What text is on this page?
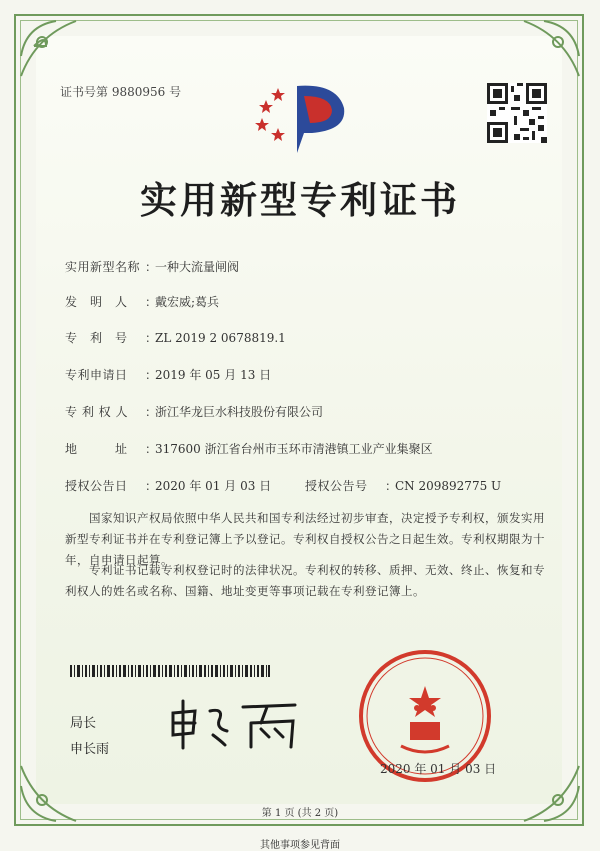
证书号第 9880956 号
实用新型专利证书
实用新型名称 ：一种大流量闸阀
发　明　人 ：戴宏威;葛兵
专　利　号 ：ZL 2019 2 0678819.1
专利申请日 ：2019 年 05 月 13 日
专 利 权 人 ：浙江华龙巨水科技股份有限公司
地　　　址 ：317600 浙江省台州市玉环市清港镇工业产业集聚区
授权公告日 ：2020 年 01 月 03 日	授权公告号 ：CN 209892775 U
国家知识产权局依照中华人民共和国专利法经过初步审查，决定授予专利权，颁发实用新型专利证书并在专利登记簿上予以登记。专利权自授权公告之日起生效。专利权期限为十年，自申请日起算。
专利证书记载专利权登记时的法律状况。专利权的转移、质押、无效、终止、恢复和专利权人的姓名或名称、国籍、地址变更等事项记载在专利登记簿上。
局长
申长雨
2020 年 01 月 03 日
第 1 页 (共 2 页)
其他事项参见背面
